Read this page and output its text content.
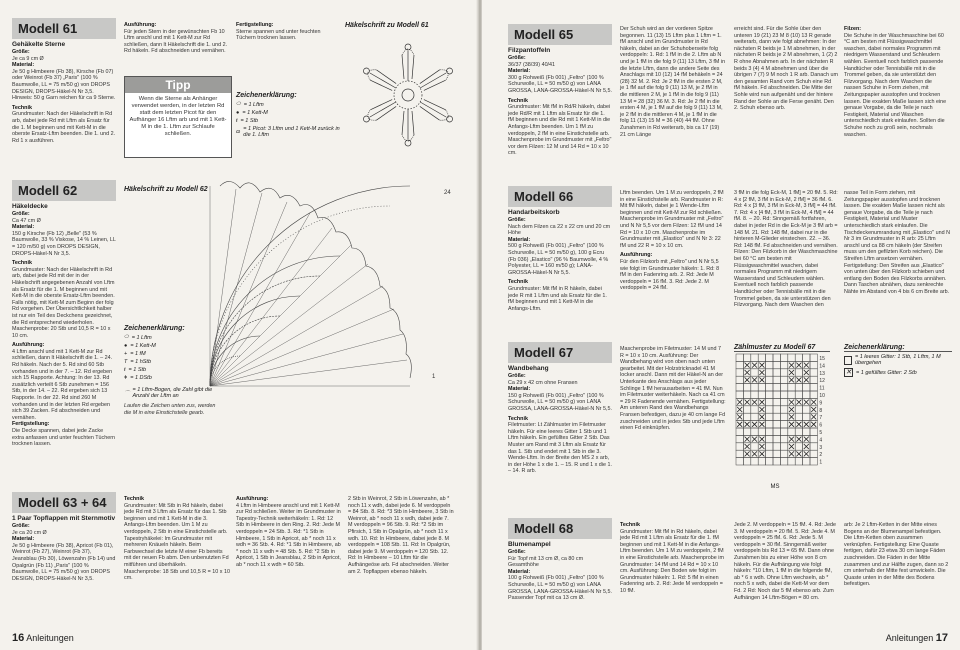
Modell 61
Gehäkelte Sterne
Größe:
Je ca 9 cm Ø
Material:
Je 50 g Himbeere (Fb 38), Kirsche (Fb 07) oder Weinrot (Fb 37) „Paris" (100 % Baumwolle, LL = 75 m/50 g) von DROPS DESIGN, DROPS-Häkel-N Nr 3,5.
Hinweis: 50 g Garn reichen für ca 9 Sterne.
Technik
Grundmuster: Nach der Häkelschrift in Rd arb, dabei jede Rd mit Lftm als Ersatz für die 1. M beginnen und mit Kett-M in die oberste Ersatz-Lftm beenden. Die 1. und 2. Rd 1 x ausführen.
Ausführung:
Für jeden Stern in der gewünschten Fb 10 Lftm anschl und mit 1 Kett-M zur Rd schließen, dann lt Häkelschrift die 1. und 2. Rd häkeln. Fd abschneiden und vernähen.
Fertigstellung:
Sterne spannen und unter feuchten Tüchern trocknen lassen.
Tipp
Wenn die Sterne als Anhänger verwendet werden, in der letzten Rd statt dem letzten Picot für den Aufhänger 16 Lftm arb und mit 1 Kett-M in die 1. Lftm zur Schlaufe schließen.
Zeichenerklärung:
⬭ = 1 Lftm
● = 1 Kett-M
ŧ = 1 Stb
ɷ = 1 Picot: 3 Lftm und 1 Kett-M zurück in die 1. Lftm
Häkelschrift zu Modell 61
Modell 62
Häkeldecke
Größe:
Ca 47 cm Ø
Material:
150 g Kirsche (Fb 12) „Belle" (53 % Baumwolle, 33 % Viskose, 14 % Leinen, LL = 120 m/50 g) von DROPS DESIGN, DROPS-Häkel-N Nr 3,5.
Technik
Grundmuster: Nach der Häkelschrift in Rd arb, dabei jede Rd mit der in der Häkelschrift angegebenen Anzahl von Lftm als Ersatz für die 1. M beginnen und mit Kett-M in die oberste Ersatz-Lftm beenden. Falls nötig, mit Kett-M zum Beginn der folg Rd vorgehen. Der Übersichtlichkeit halber ist nur ein Teil des Deckchens gezeichnet, die Rd entsprechend wiederholen.
Maschenprobe: 20 Stb und 10,5 R = 10 x 10 cm.
Ausführung:
4 Lftm anschl und mit 1 Kett-M zur Rd schließen, dann lt Häkelschrift die 1. – 24. Rd häkeln. Nach der 5. Rd sind 60 Stb vorhanden und in der 7. – 12. Rd ergeben sich 15 Rapporte. Achtung: In der 13. Rd zusätzlich verteilt 6 Stb zunehmen = 156 Stb, in der 14. – 22. Rd ergeben sich 13 Rapporte. In der 22. Rd sind 260 M vorhanden und in der letzten Rd ergeben sich 39 Zacken. Fd abschneiden und vernähen.
Fertigstellung:
Die Decke spannen, dabei jede Zacke extra anfassen und unter feuchten Tüchern trocknen lassen.
Häkelschrift zu Modell 62	24
1
Zeichenerklärung:
⬭ = 1 Lftm
● = 1 Kett-M
+ = 1 fM
T = 1 hStb
ŧ = 1 Stb
ǂ = 1 DStb
⌒
= 1 Lftm-Bogen, die Zahl gibt die Anzahl der Lftm an
Laufen die Zeichen unten zus, werden die M in eine Einstichstelle gearb.
Modell 63 + 64
1 Paar Topflappen mit Sternmotiv
Größe:
Je ca 20 cm Ø
Material:
Je 50 g Himbeere (Fb 38), Apricot (Fb 01), Weinrot (Fb 27), Weinrot (Fb 37), Jeansblau (Fb 30), Löwenzahn (Fb 14) und Opalgrün (Fb 11) „Paris" (100 % Baumwolle, LL = 75 m/50 g) von DROPS DESIGN, DROPS-Häkel-N Nr 3,5.
Technik
Grundmuster: Mit Stb in Rd häkeln, dabei jede Rd mit 3 Lftm als Ersatz für das 1. Stb beginnen und mit 1 Kett-M in die 3. Anfangs-Lftm beenden. Um 1 M zu verdoppeln, 2 Stb in eine Einstichstelle arb. Tapestryhäkelei: Im Grundmuster mit mehreren Knäueln häkeln. Beim Farbwechsel die letzte M einer Fb bereits mit der neuen Fb abm. Den unbenutzten Fd mitführen und überhäkeln.
Maschenprobe: 18 Stb und 10,5 R = 10 x 10 cm.
Ausführung:
4 Lftm in Himbeere anschl und mit 1 Kett-M zur Rd schließen. Weiter im Grundmuster in Tapestry-Technik weiterhäkeln: 1. Rd: 12 Stb in Himbeere in den Ring. 2. Rd: Jede M verdoppeln = 24 Stb. 3. Rd: *1 Stb in Himbeere, 1 Stb in Apricot, ab * noch 11 x wdh = 36 Stb. 4. Rd: *1 Stb in Himbeere, ab * noch 11 x wdh = 48 Stb. 5. Rd: *2 Stb in Apricot, 1 Stb in Jeansblau, 2 Stb in Apricot, ab * noch 11 x wdh = 60 Stb.
2 Stb in Weinrot, 2 Stb in Löwenzahn, ab * noch 11 x wdh, dabei jede 6. M verdoppeln = 84 Stb. 8. Rd: *3 Stb in Himbeere, 3 Stb in Weinrot, ab * noch 11 x wdh, dabei jede 7. M verdoppeln = 96 Stb. 9. Rd: *2 Stb im Pfirsich, 1 Stb in Opalgrün, ab * noch 11 x wdh. 10. Rd: In Himbeere, dabei jede 8. M verdoppeln = 108 Stb. 11. Rd: In Opalgrün, dabei jede 9. M verdoppeln = 120 Stb. 12. Rd: In Himbeere – 10 Lftm für die Aufhängeöse arb. Fd abschneiden. Weiter am 2. Topflappen ebenso häkeln.
16 Anleitungen
Modell 65
Filzpantoffeln
Größe:
36/37 (38/39) 40/41
Material:
300 g Rohweiß (Fb 001) „Feltro" (100 % Schurwolle, LL = 50 m/50 g) von LANA GROSSA, LANA-GROSSA-Häkel-N Nr 5,5.
Technik
Grundmuster: Mit fM in Rd/R häkeln, dabei jede Rd/R mit 1 Lftm als Ersatz für die 1. fM beginnen und die Rd mit 1 Kett-M in die Anfangs-Lftm beenden. Um 1 fM zu verdoppeln, 2 fM in eine Einstichstelle arb.
Maschenprobe im Grundmuster mit „Feltro" vor dem Filzen: 12 M und 14 Rd = 10 x 10 cm.
Der Schuh wird an der vorderen Spitze begonnen. 11 (13) 15 Lftm plus 1 Lftm = 1. fM anschl und im Grundmuster in Rd häkeln, dabei an der Schuhoberseite folg verdoppeln: 1. Rd: 1 fM in die 2. Lftm ab N und je 1 fM in die folg 9 (11) 13 Lftm, 3 fM in die letzte Lftm, dann die andere Seite des Anschlags mit 10 (12) 14 fM behäkeln = 24 (28) 32 M. 2. Rd: Je 2 fM in die ersten 2 M, je 1 fM auf die folg 9 (11) 13 M, je 2 fM in die mittleren 2 M, je 1 fM in die folg 9 (11) 13 M = 28 (32) 36 M. 3. Rd: Je 2 fM in die ersten 4 M, je 1 fM auf die folg 9 (11) 13 M, je 2 fM in die mittleren 4 M, je 1 fM in die folg 11 (13) 15 M = 36 (40) 44 fM. Ohne Zunahmen in Rd weiterarb, bis ca 17 (19) 21 cm Länge
erreicht sind. Für die Sohle über den unteren 19 (21) 23 M 8 (10) 13 R gerade weiterarb, dann wie folgt abnehmen: In der nächsten R beids je 1 M abnehmen, in der nächsten R beids je 2 M abnehmen, 1 (2) 2 R ohne Abnahmen arb. In der nächsten R beids 3 (4) 4 M abnehmen und über die übrigen 7 (7) 9 M noch 1 R arb. Danach um den gesamten Rand vom Schuh eine Rd fM häkeln. Fd abschneiden. Die Mitte der Sohle wird nun aufgenäht und der hintere Rand der Sohle an die Ferse genäht. Den 2. Schuh ebenso arb.
Filzen:
Die Schuhe in der Waschmaschine bei 60 °C am besten mit Flüssigwaschmittel waschen, dabei normales Programm mit niedrigem Wasserstand und Schleudern wählen. Eventuell noch farblich passende Handtücher oder Tennisbälle mit in die Trommel geben, da sie unterstützt den Filzvorgang. Nach dem Waschen die nassen Schuhe in Form ziehen, mit Zeitungspapier ausstopfen und trocknen lassen. Die exakten Maße lassen sich eine genaue Vorgabe, da die Teile je nach Festigkeit, Material und Waschen unterschiedlich stark einlaufen. Sollten die Schuhe noch zu groß sein, nochmals waschen.
Modell 66
Handarbeitskorb
Größe:
Nach dem Filzen ca 22 x 22 cm und 20 cm Höhe
Material:
500 g Rohweiß (Fb 001) „Feltro" (100 % Schurwolle, LL = 50 m/50 g), 100 g Ecru (Fb 036) „Elastico" (96 % Baumwolle, 4 % Polyester, LL = 160 m/50 g); LANA-GROSSA-Häkel-N Nr 5,5.
Technik
Grundmuster: Mit fM in R häkeln, dabei jede R mit 1 Lftm und als Ersatz für die 1. fM beginnen und mit 1 Kett-M in die Anfangs-Lftm.
Lftm beenden. Um 1 M zu verdoppeln, 2 fM in eine Einstichstelle arb. Randmuster in R: Mit fM häkeln, dabei je 1 Wende-Lftm beginnen und mit Kett-M zur Rd schließen. Maschenprobe im Grundmuster mit „Feltro" und N Nr 5,5 vor dem Filzen: 12 fM und 14 Rd = 10 x 10 cm. Maschenprobe im Grundmuster mit „Elastico" und N Nr 3: 22 fM und 22 R = 10 x 10 cm.
Ausführung:
Für den Filzkorb mit „Feltro" und N Nr 5,5 wie folgt im Grundmuster häkeln: 1. Rd: 8 fM in den Fadenring arb. 2. Rd: Jede M verdoppeln = 16 fM. 3. Rd: Jede 2. M verdoppeln = 24 fM.
3 fM in die folg Eck-M, 1 fM] = 20 fM. 5. Rd: 4 x [2 fM, 3 fM in Eck-M, 2 fM] = 36 fM. 6. Rd: 4 x [3 fM, 3 fM in Eck-M, 3 fM] = 44 fM. 7. Rd: 4 x [4 fM, 3 fM in Eck-M, 4 fM] = 44 fM. 8. – 20. Rd: Sinngemäß fortfahren, dabei in jeder Rd in die Eck-M je 3 fM arb = 148 M. 21. Rd: 148 fM, dabei nur in die hinteren M-Glieder einstechen. 22. – 36. Rd: 148 fM. Fd abschneiden und vernähen. Filzen: Den Filzkorb in der Waschmaschine bei 60 °C am besten mit Flüssigwaschmittel waschen, dabei normales Programm mit niedrigem Wasserstand und Schleudern wählen. Eventuell noch farblich passende Handtücher oder Tennisbälle mit in die Trommel geben, da sie unterstützen den Filzvorgang. Nach dem Waschen den
nasse Teil in Form ziehen, mit Zeitungspapier ausstopfen und trocknen lassen. Die exakten Maße lassen nicht als genaue Vorgabe, da die Teile je nach Festigkeit, Material und Muster unterschiedlich stark einlaufen. Die Tischdeckenumrandung mit „Elastico" und N Nr 3 im Grundmuster in R arb: 25 Lftm anschl und ca 88 cm häkeln (der Streifen muss um den gefilzten Korb reichen). Die Streifen Lftm ansetzen vernähen. Fertigstellung: Den Streifen aus „Elastico" von unten über den Filzkorb schieben und entlang den Boden des Filzkorbs annähen. Dann Taschen abnähen, dazu senkrechte Nähte im Abstand von 4 bis 6 cm Breite arb.
Modell 67
Wandbehang
Größe:
Ca 29 x 42 cm ohne Fransen
Material:
150 g Rohweiß (Fb 001) „Feltro" (100 % Schurwolle, LL = 50 m/50 g) von LANA GROSSA, LANA-GROSSA-Häkel-N Nr 5,5.
Technik
Filetmuster: Lt Zählmuster im Filetmuster häkeln. Für eine leeres Gitter 1 Stb und 1 Lftm häkeln. Ein gefülltes Gitter 2 Stb. Das Muster am Rand mit 3 Lftm als Ersatz für das 1. Stb und endet mit 1 Stb in die 3. Wende-Lftm. In der Breite den MS 2 x arb, in der Höhe 1 x die 1. – 15. R und 1 x die 1. – 14. R arb.
Maschenprobe im Filetmuster: 14 M und 7 R = 10 x 10 cm. Ausführung: Der Wandbehang wird von oben nach unten gearbeitet. Mit der Holzstricknadel 41 M locker anschl. Dann mit der Häkel-N an der Unterkante des Anschlags aus jeder Schlinge 1 fM herausarbeiten = 41 fM. Nun im Filetmuster weiterhäkeln. Nach ca 41 cm = 29 R Fadenende vernähen. Fertigstellung: Am unteren Rand des Wandbehangs Fransen befestigen, dazu je 40 cm lange Fd zuschneiden und in jedes Stb und jede Lftm einen Fd einknüpfen.
Zählmuster zu Modell 67
15
14
13
12
11
10
9
8
7
6
5
4
3
2
1
MS
Zeichenerklärung:
= 1 leeres Gitter: 1 Stb, 1 Lftm, 1 M übergehen
✕ = 1 gefülltes Gitter: 2 Stb
Modell 68
Blumenampel
Größe:
Für Topf mit 13 cm Ø, ca 80 cm Gesamthöhe
Material:
100 g Rohweiß (Fb 001) „Feltro" (100 % Schurwolle, LL = 50 m/50 g) von LANA GROSSA, LANA-GROSSA-Häkel-N Nr 5,5. Passender Topf mit ca 13 cm Ø.
Technik
Grundmuster: Mit fM in Rd häkeln, dabei jede Rd mit 1 Lftm als Ersatz für die 1. fM beginnen und mit 1 Kett-M in die Anfangs-Lftm beenden. Um 1 M zu verdoppeln, 2 fM in eine Einstichstelle arb. Maschenprobe im Grundmuster: 14 fM und 14 Rd = 10 x 10 cm. Ausführung: Den Boden wie folgt im Grundmuster häkeln: 1. Rd: 5 fM in einen Fadenring arb. 2. Rd: Jede M verdoppeln = 10 fM.
Jede 2. M verdoppeln = 15 fM. 4. Rd: Jede 3. M verdoppeln = 20 fM. 5. Rd: Jede 4. M verdoppeln = 25 fM. 6. Rd: Jede 5. M verdoppeln = 30 fM. Sinngemäß weiter verdoppeln bis Rd 13 = 65 fM. Dann ohne Zunahmen bis zu einer Höhe von 8 cm häkeln. Für die Aufhängung wie folgt häkeln: *10 Lftm, 1 fM in die folgende fM, ab * 6 x wdh. Ohne Lftm wechseln, ab * noch 5 x wdh, dabei die Kett-M vor dem Fd. 2 Rd: Noch dar 5 fM ebenso arb. Zum Aufhängen 14 Lftm-Bögen = 80 cm.
arb: Je 2 Lftm-Ketten in der Mitte eines Bogens an der Blumenampel befestigen. Die Lftm-Ketten oben zusammen verknüpfen. Fertigstellung: Eine Quaste fertigen, dafür 23 etwa 30 cm lange Fäden zuschneiden. Die Fäden in der Mitte zusammen und zur Hälfte zugen, dann so 2 cm unterhalb der Mitte fest umwickeln. Die Quaste unten in der Mitte des Bodens befestigen.
Anleitungen 17
